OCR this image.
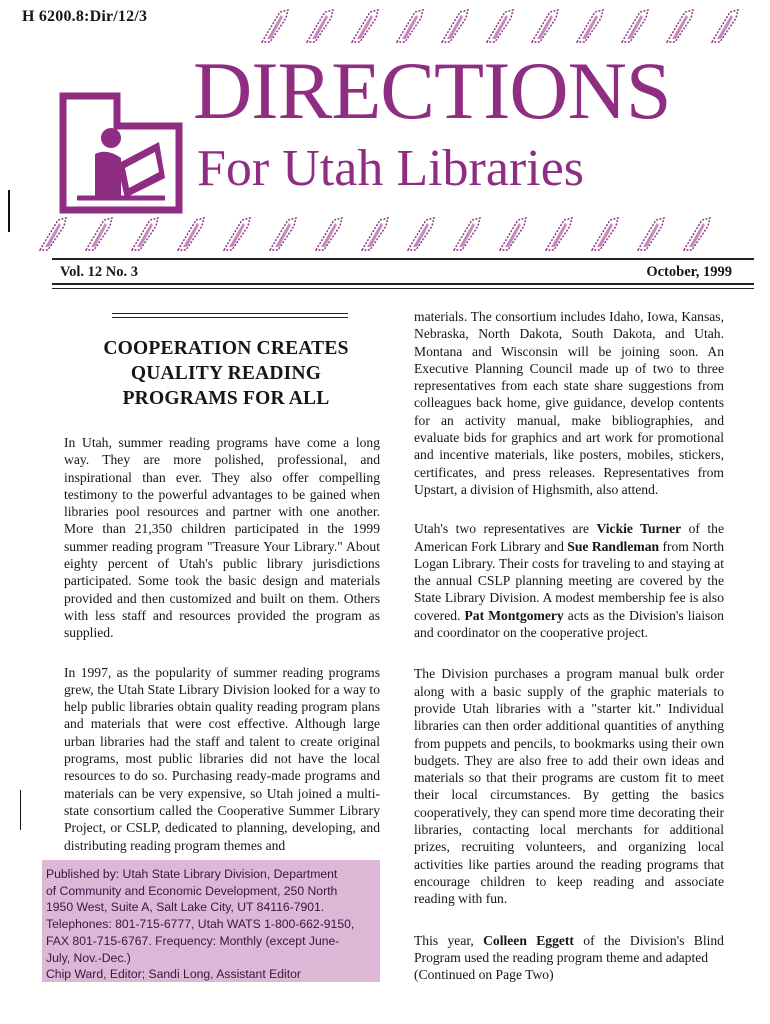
H 6200.8:Dir/12/3
DIRECTIONS
For Utah Libraries
Vol. 12 No. 3	October, 1999
COOPERATION CREATES
QUALITY READING
PROGRAMS FOR ALL

In Utah, summer reading programs have come a long way. They are more polished, professional, and inspirational than ever. They also offer compelling testimony to the powerful advantages to be gained when libraries pool resources and partner with one another. More than 21,350 children participated in the 1999 summer reading program "Treasure Your Library." About eighty percent of Utah's public library jurisdictions participated. Some took the basic design and materials provided and then customized and built on them. Others with less staff and resources provided the program as supplied.

In 1997, as the popularity of summer reading programs grew, the Utah State Library Division looked for a way to help public libraries obtain quality reading program plans and materials that were cost effective. Although large urban libraries had the staff and talent to create original programs, most public libraries did not have the local resources to do so. Purchasing ready-made programs and materials can be very expensive, so Utah joined a multi-state consortium called the Cooperative Summer Library Project, or CSLP, dedicated to planning, developing, and distributing reading program themes and

materials. The consortium includes Idaho, Iowa, Kansas, Nebraska, North Dakota, South Dakota, and Utah. Montana and Wisconsin will be joining soon. An Executive Planning Council made up of two to three representatives from each state share suggestions from colleagues back home, give guidance, develop contents for an activity manual, make bibliographies, and evaluate bids for graphics and art work for promotional and incentive materials, like posters, mobiles, stickers, certificates, and press releases. Representatives from Upstart, a division of Highsmith, also attend.

Utah's two representatives are Vickie Turner of the American Fork Library and Sue Randleman from North Logan Library. Their costs for traveling to and staying at the annual CSLP planning meeting are covered by the State Library Division. A modest membership fee is also covered. Pat Montgomery acts as the Division's liaison and coordinator on the cooperative project.

The Division purchases a program manual bulk order along with a basic supply of the graphic materials to provide Utah libraries with a "starter kit." Individual libraries can then order additional quantities of anything from puppets and pencils, to bookmarks using their own budgets. They are also free to add their own ideas and materials so that their programs are custom fit to meet their local circumstances. By getting the basics cooperatively, they can spend more time decorating their libraries, contacting local merchants for additional prizes, recruiting volunteers, and organizing local activities like parties around the reading programs that encourage children to keep reading and associate reading with fun.

This year, Colleen Eggett of the Division's Blind Program used the reading program theme and adapted
(Continued on Page Two)

Published by: Utah State Library Division, Department
of Community and Economic Development, 250 North
1950 West, Suite A, Salt Lake City, UT 84116-7901.
Telephones: 801-715-6777, Utah WATS 1-800-662-9150,
FAX 801-715-6767. Frequency: Monthly (except June-
July, Nov.-Dec.)
Chip Ward, Editor; Sandi Long, Assistant Editor
